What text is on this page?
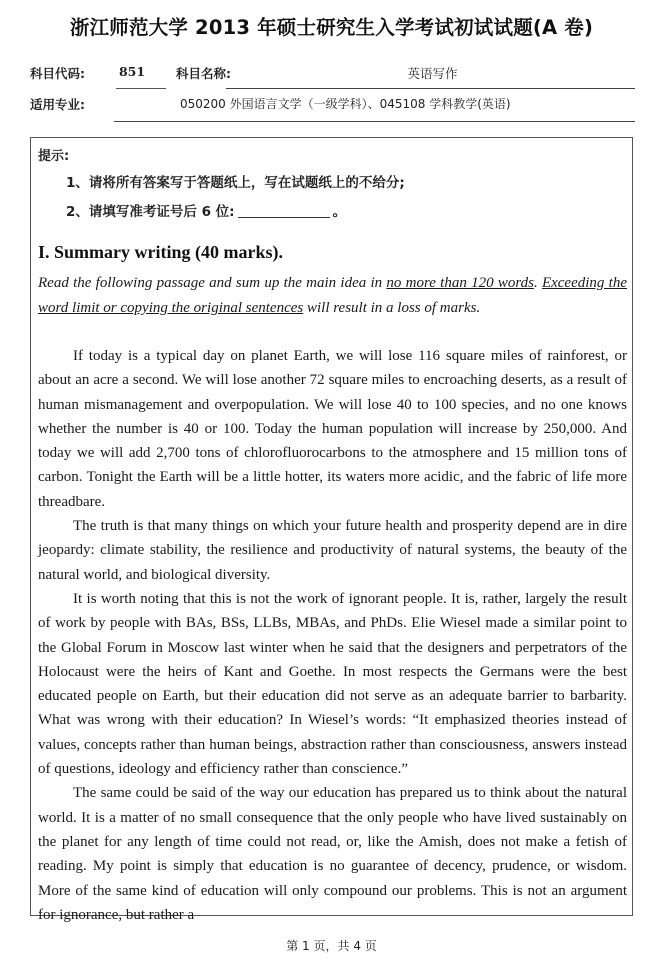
浙江师范大学 2013 年硕士研究生入学考试初试试题(A 卷)
科目代码:	851	科目名称:	英语写作
适用专业:	050200 外国语言文学（一级学科）、045108 学科教学(英语)
提示:
1、请将所有答案写于答题纸上，写在试题纸上的不给分;
2、请填写准考证号后 6 位:	。
I. Summary writing (40 marks).
Read the following passage and sum up the main idea in no more than 120 words. Exceeding the word limit or copying the original sentences will result in a loss of marks.

If today is a typical day on planet Earth, we will lose 116 square miles of rainforest, or about an acre a second. We will lose another 72 square miles to encroaching deserts, as a result of human mismanagement and overpopulation. We will lose 40 to 100 species, and no one knows whether the number is 40 or 100. Today the human population will increase by 250,000. And today we will add 2,700 tons of chlorofluorocarbons to the atmosphere and 15 million tons of carbon. Tonight the Earth will be a little hotter, its waters more acidic, and the fabric of life more threadbare.

The truth is that many things on which your future health and prosperity depend are in dire jeopardy: climate stability, the resilience and productivity of natural systems, the beauty of the natural world, and biological diversity.

It is worth noting that this is not the work of ignorant people. It is, rather, largely the result of work by people with BAs, BSs, LLBs, MBAs, and PhDs. Elie Wiesel made a similar point to the Global Forum in Moscow last winter when he said that the designers and perpetrators of the Holocaust were the heirs of Kant and Goethe. In most respects the Germans were the best educated people on Earth, but their education did not serve as an adequate barrier to barbarity. What was wrong with their education? In Wiesel’s words: “It emphasized theories instead of values, concepts rather than human beings, abstraction rather than consciousness, answers instead of questions, ideology and efficiency rather than conscience.”

The same could be said of the way our education has prepared us to think about the natural world. It is a matter of no small consequence that the only people who have lived sustainably on the planet for any length of time could not read, or, like the Amish, does not make a fetish of reading. My point is simply that education is no guarantee of decency, prudence, or wisdom. More of the same kind of education will only compound our problems. This is not an argument for ignorance, but rather a

第 1 页，共 4 页
